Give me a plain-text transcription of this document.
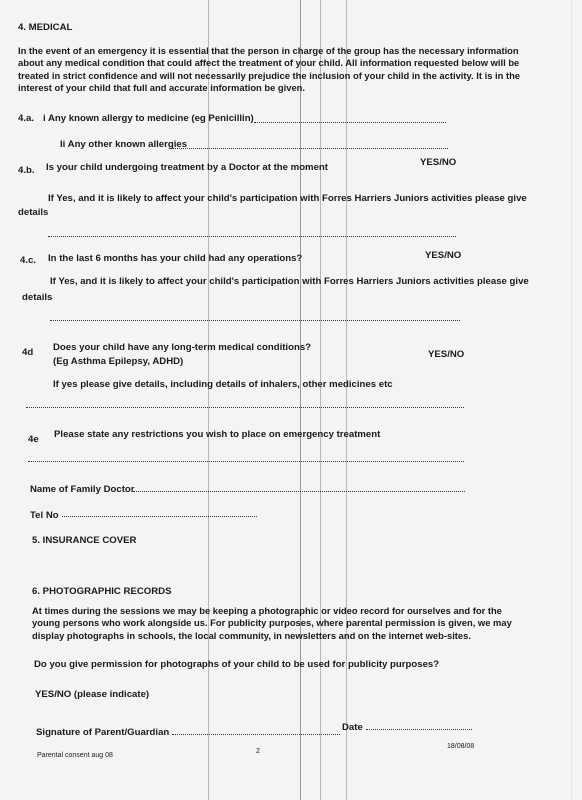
4. MEDICAL
In the event of an emergency it is essential that the person in charge of the group has the necessary information about any medical condition that could affect the treatment of your child. All information requested below will be treated in strict confidence and will not necessarily prejudice the inclusion of your child in the activity. It is in the interest of your child that full and accurate information be given.
4.a. i Any known allergy to medicine (eg Penicillin)
Ii Any other known allergies
4.b. Is your child undergoing treatment by a Doctor at the moment	YES/NO
If Yes, and it is likely to affect your child's participation with Forres Harriers Juniors activities please give
details
4.c. In the last 6 months has your child had any operations?	YES/NO
If Yes, and it is likely to affect your child's participation with Forres Harriers Juniors activities please give
details
4d Does your child have any long-term medical conditions?
(Eg Asthma Epilepsy, ADHD)
YES/NO
If yes please give details, including details of inhalers, other medicines etc
4e Please state any restrictions you wish to place on emergency treatment
Name of Family Doctor
Tel No
5. INSURANCE COVER
6. PHOTOGRAPHIC RECORDS
At times during the sessions we may be keeping a photographic or video record for ourselves and for the young persons who work alongside us. For publicity purposes, where parental permission is given, we may display photographs in schools, the local community, in newsletters and on the internet web-sites.
Do you give permission for photographs of your child to be used for publicity purposes?
YES/NO (please indicate)
Signature of Parent/Guardian	Date
Parental consent aug 08
2
18/08/08
